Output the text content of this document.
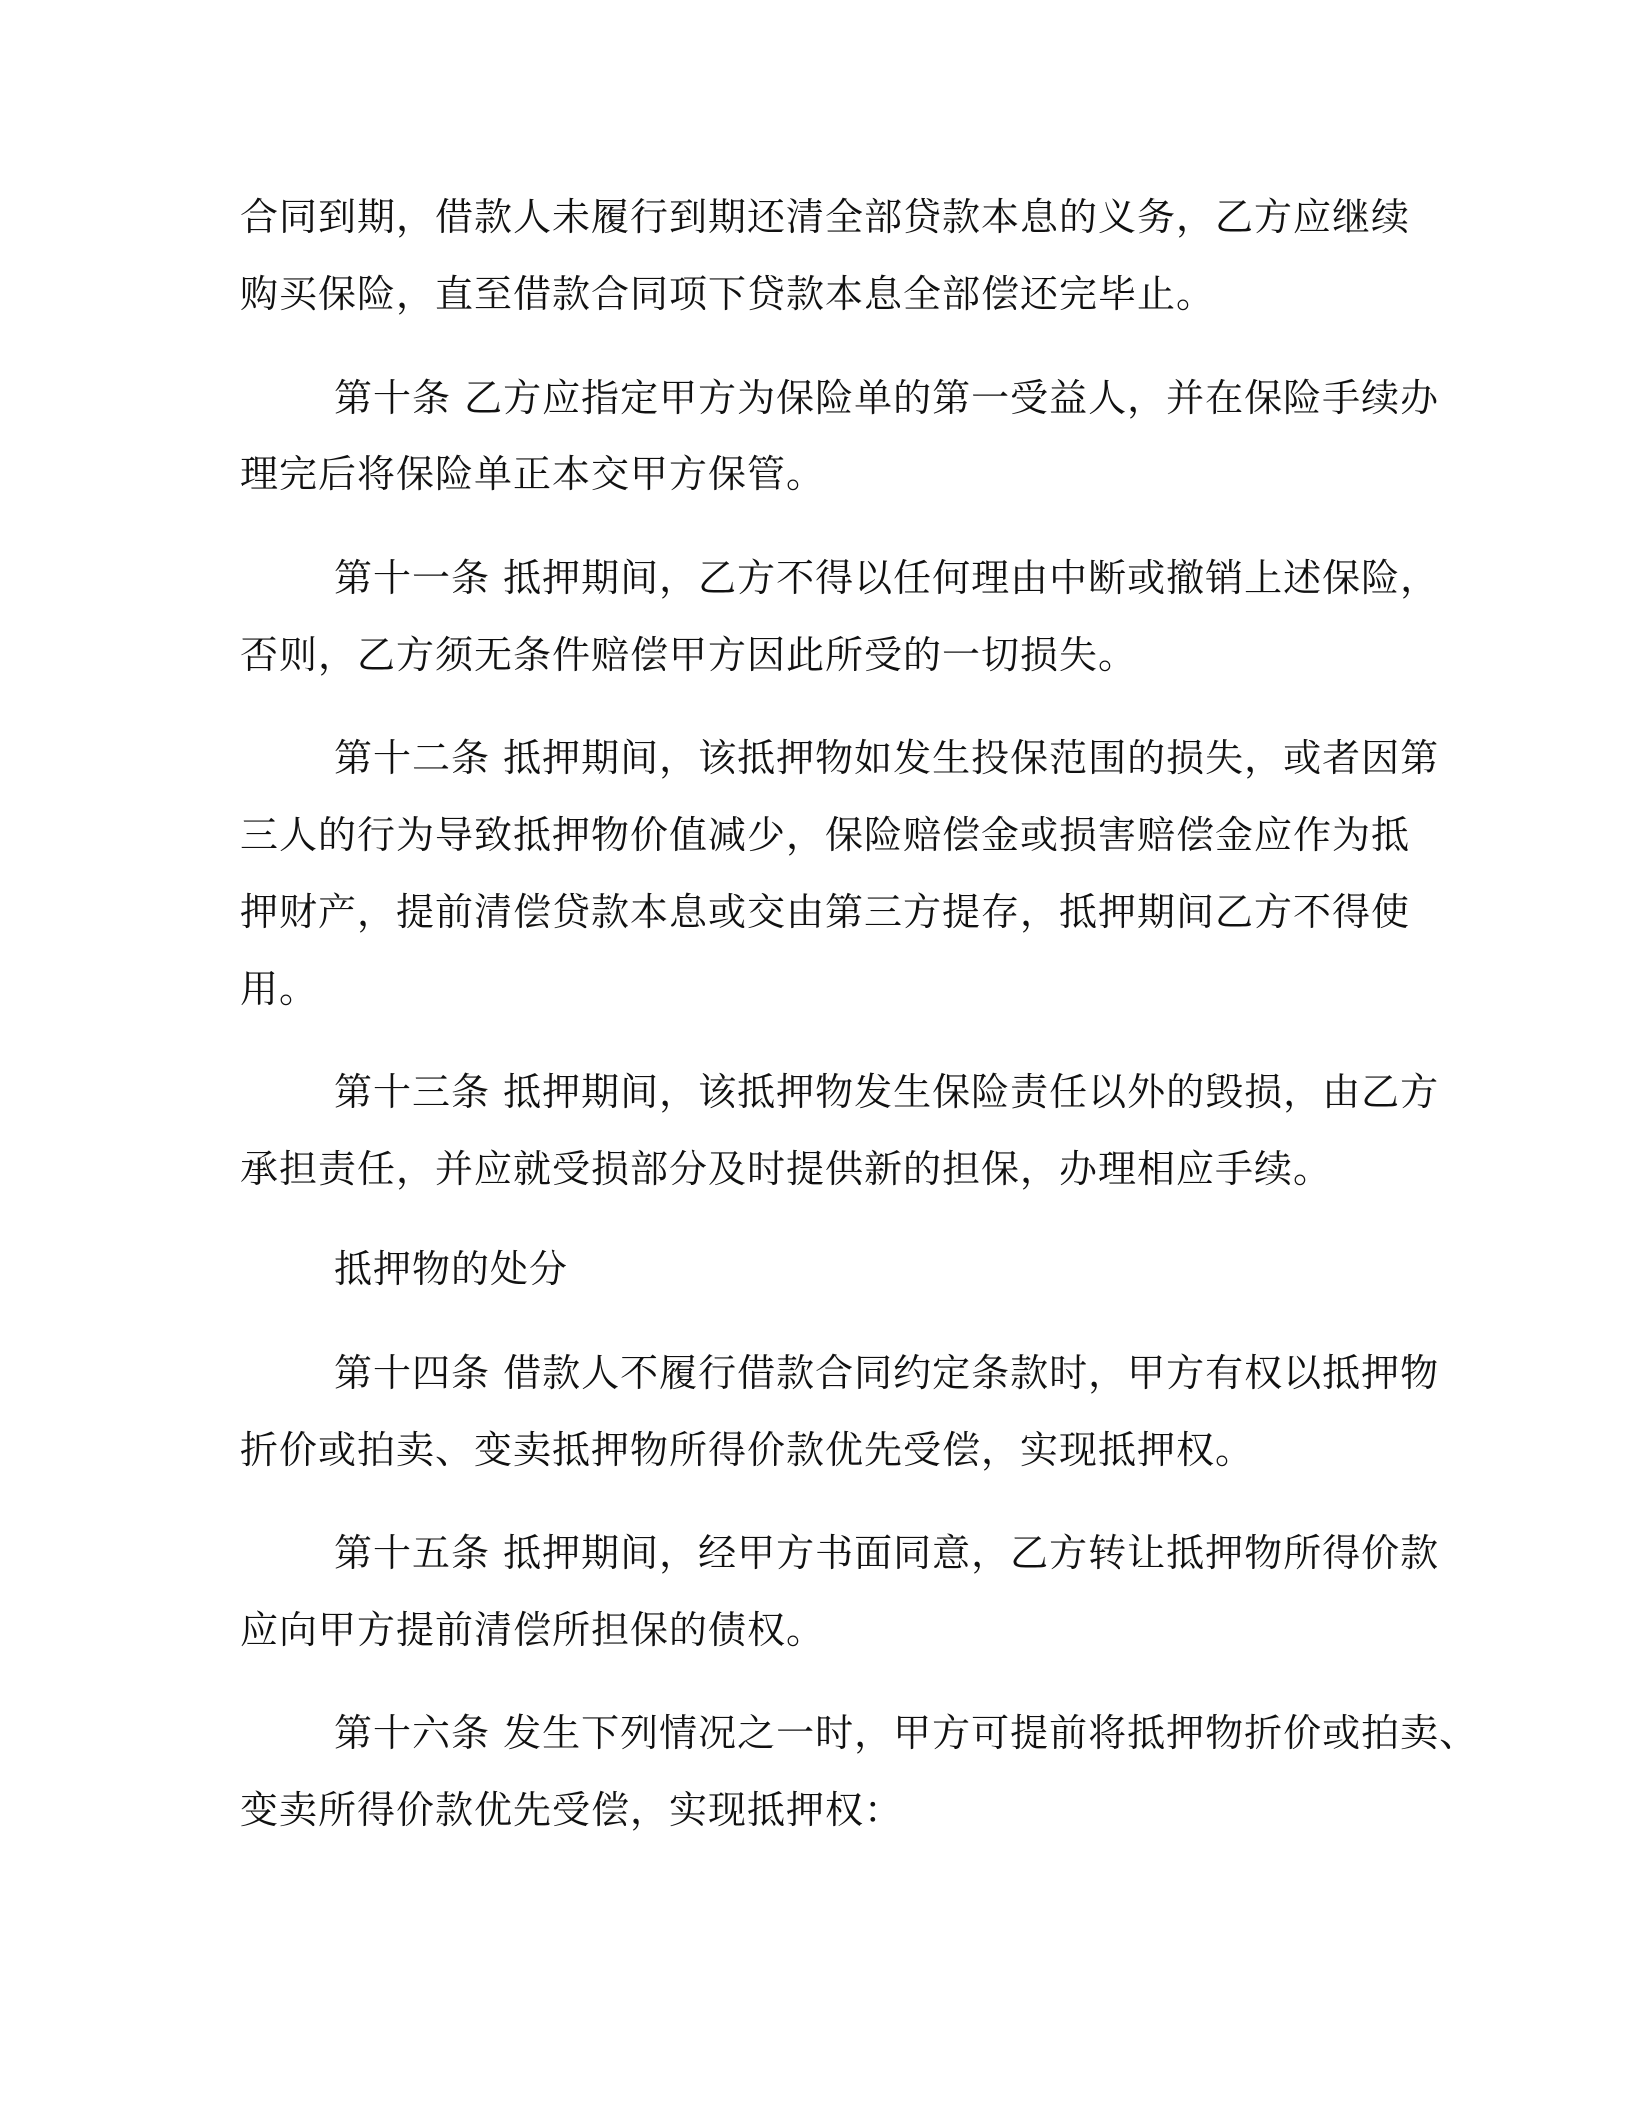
合同到期，借款人未履行到期还清全部贷款本息的义务，乙方应继续
购买保险，直至借款合同项下贷款本息全部偿还完毕止。
第十条 乙方应指定甲方为保险单的第一受益人，并在保险手续办
理完后将保险单正本交甲方保管。
第十一条 抵押期间，乙方不得以任何理由中断或撤销上述保险，
否则，乙方须无条件赔偿甲方因此所受的一切损失。
第十二条 抵押期间，该抵押物如发生投保范围的损失，或者因第
三人的行为导致抵押物价值减少，保险赔偿金或损害赔偿金应作为抵
押财产，提前清偿贷款本息或交由第三方提存，抵押期间乙方不得使
用。
第十三条 抵押期间，该抵押物发生保险责任以外的毁损，由乙方
承担责任，并应就受损部分及时提供新的担保，办理相应手续。
抵押物的处分
第十四条 借款人不履行借款合同约定条款时，甲方有权以抵押物
折价或拍卖、变卖抵押物所得价款优先受偿，实现抵押权。
第十五条 抵押期间，经甲方书面同意，乙方转让抵押物所得价款
应向甲方提前清偿所担保的债权。
第十六条 发生下列情况之一时，甲方可提前将抵押物折价或拍卖、
变卖所得价款优先受偿，实现抵押权：
